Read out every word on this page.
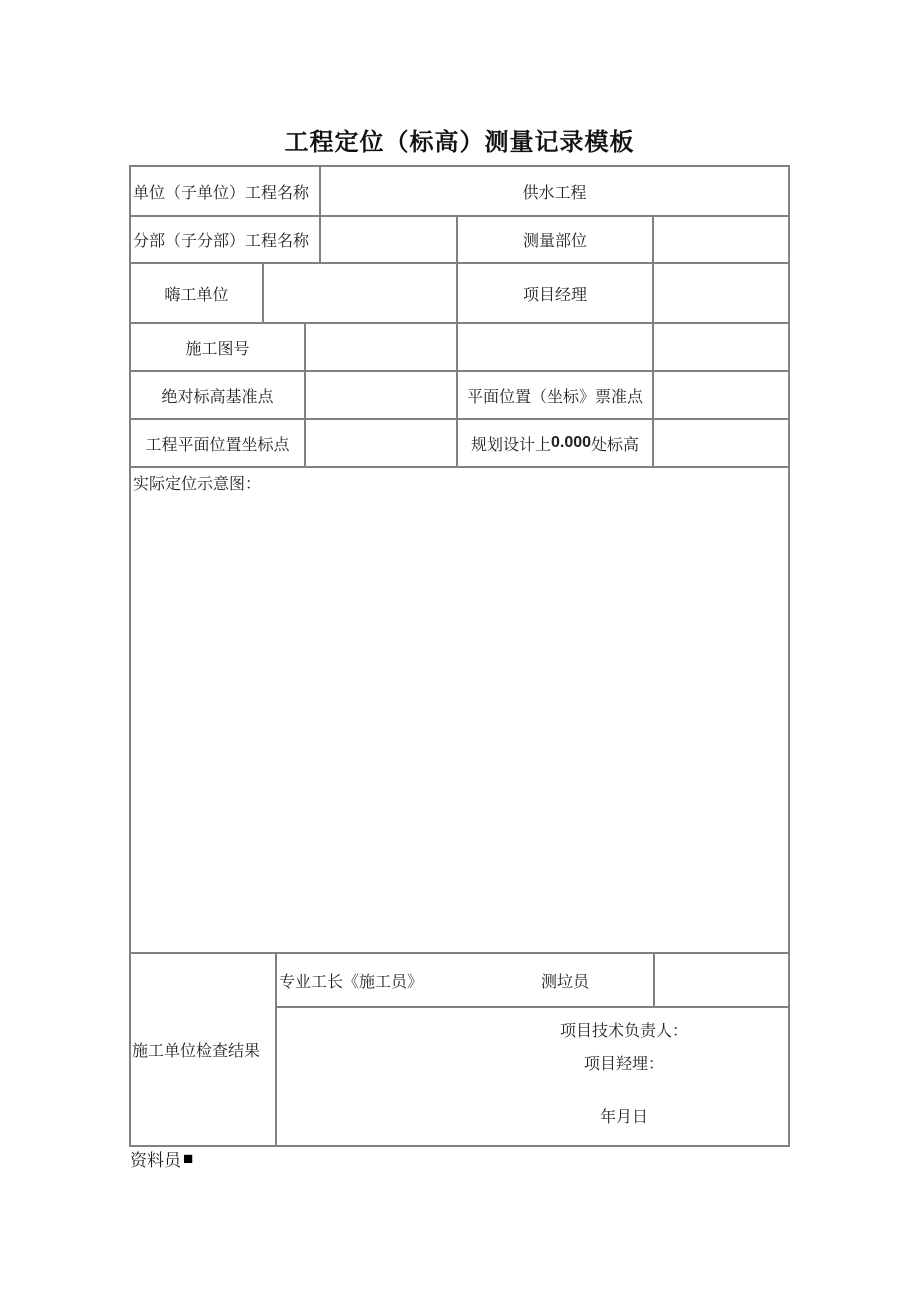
工程定位（标高）测量记录模板
单位（子单位）工程名称	供水工程
分部（子分部）工程名称	测量部位
嗨工单位	项目经理
施工图号
绝对标高基准点	平面位置（坐标》票准点
工程平面位置坐标点	规划设计上 0.000 处标高
实际定位示意图：
施工单位检查结果
专业工长《施工员》	测垃员

项目技术负责人：

项目羟埋：

年月日

资料员 ■
